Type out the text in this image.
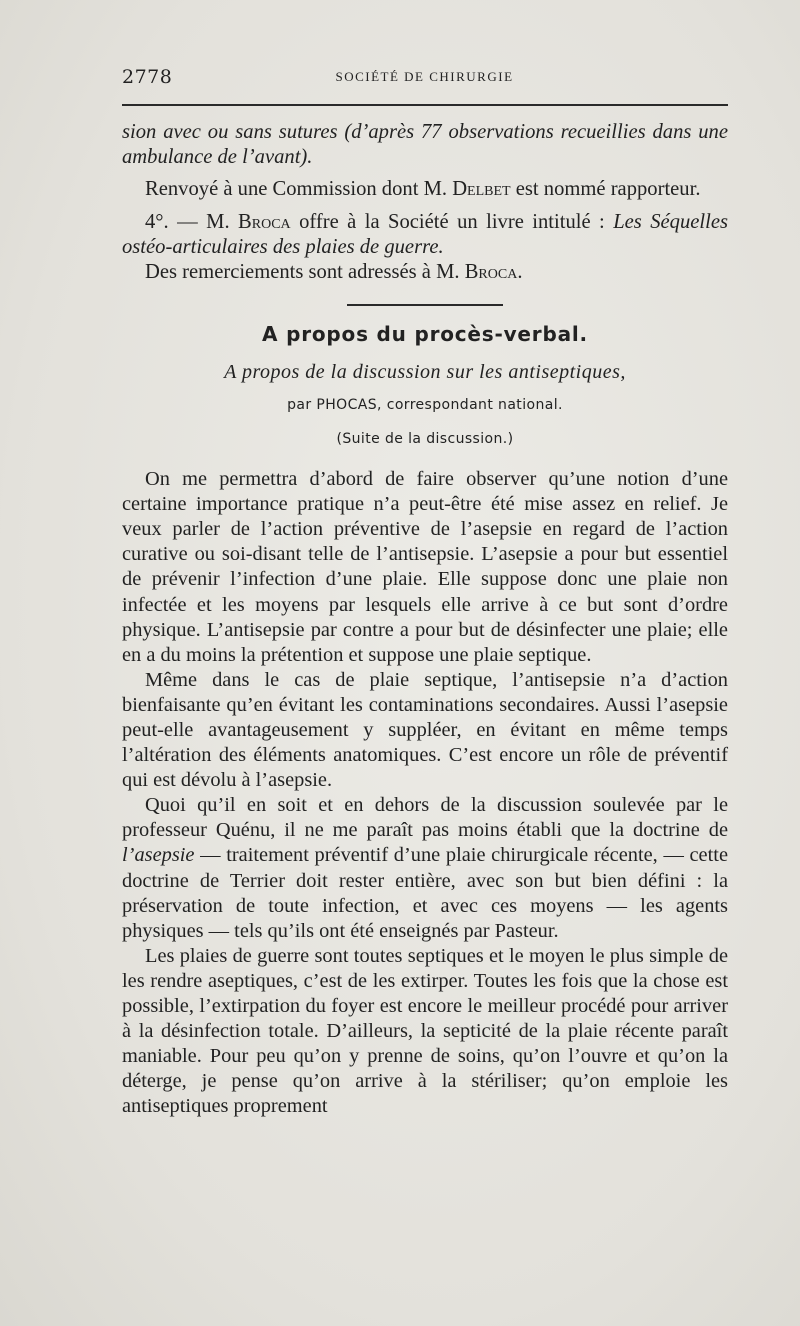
2778	SOCIÉTÉ DE CHIRURGIE

sion avec ou sans sutures (d’après 77 observations recueillies dans une ambulance de l’avant).

Renvoyé à une Commission dont M. Delbet est nommé rapporteur.

4°. — M. Broca offre à la Société un livre intitulé : Les Séquelles ostéo-articulaires des plaies de guerre.

Des remerciements sont adressés à M. Broca.

A propos du procès-verbal.

A propos de la discussion sur les antiseptiques,

par PHOCAS, correspondant national.

(Suite de la discussion.)

On me permettra d’abord de faire observer qu’une notion d’une certaine importance pratique n’a peut-être été mise assez en relief. Je veux parler de l’action préventive de l’asepsie en regard de l’action curative ou soi-disant telle de l’antisepsie. L’asepsie a pour but essentiel de prévenir l’infection d’une plaie. Elle suppose donc une plaie non infectée et les moyens par lesquels elle arrive à ce but sont d’ordre physique. L’antisepsie par contre a pour but de désinfecter une plaie; elle en a du moins la prétention et suppose une plaie septique.

Même dans le cas de plaie septique, l’antisepsie n’a d’action bienfaisante qu’en évitant les contaminations secondaires. Aussi l’asepsie peut-elle avantageusement y suppléer, en évitant en même temps l’altération des éléments anatomiques. C’est encore un rôle de préventif qui est dévolu à l’asepsie.

Quoi qu’il en soit et en dehors de la discussion soulevée par le professeur Quénu, il ne me paraît pas moins établi que la doctrine de l’asepsie — traitement préventif d’une plaie chirurgicale récente, — cette doctrine de Terrier doit rester entière, avec son but bien défini : la préservation de toute infection, et avec ces moyens — les agents physiques — tels qu’ils ont été enseignés par Pasteur.

Les plaies de guerre sont toutes septiques et le moyen le plus simple de les rendre aseptiques, c’est de les extirper. Toutes les fois que la chose est possible, l’extirpation du foyer est encore le meilleur procédé pour arriver à la désinfection totale. D’ailleurs, la septicité de la plaie récente paraît maniable. Pour peu qu’on y prenne de soins, qu’on l’ouvre et qu’on la déterge, je pense qu’on arrive à la stériliser; qu’on emploie les antiseptiques proprement
